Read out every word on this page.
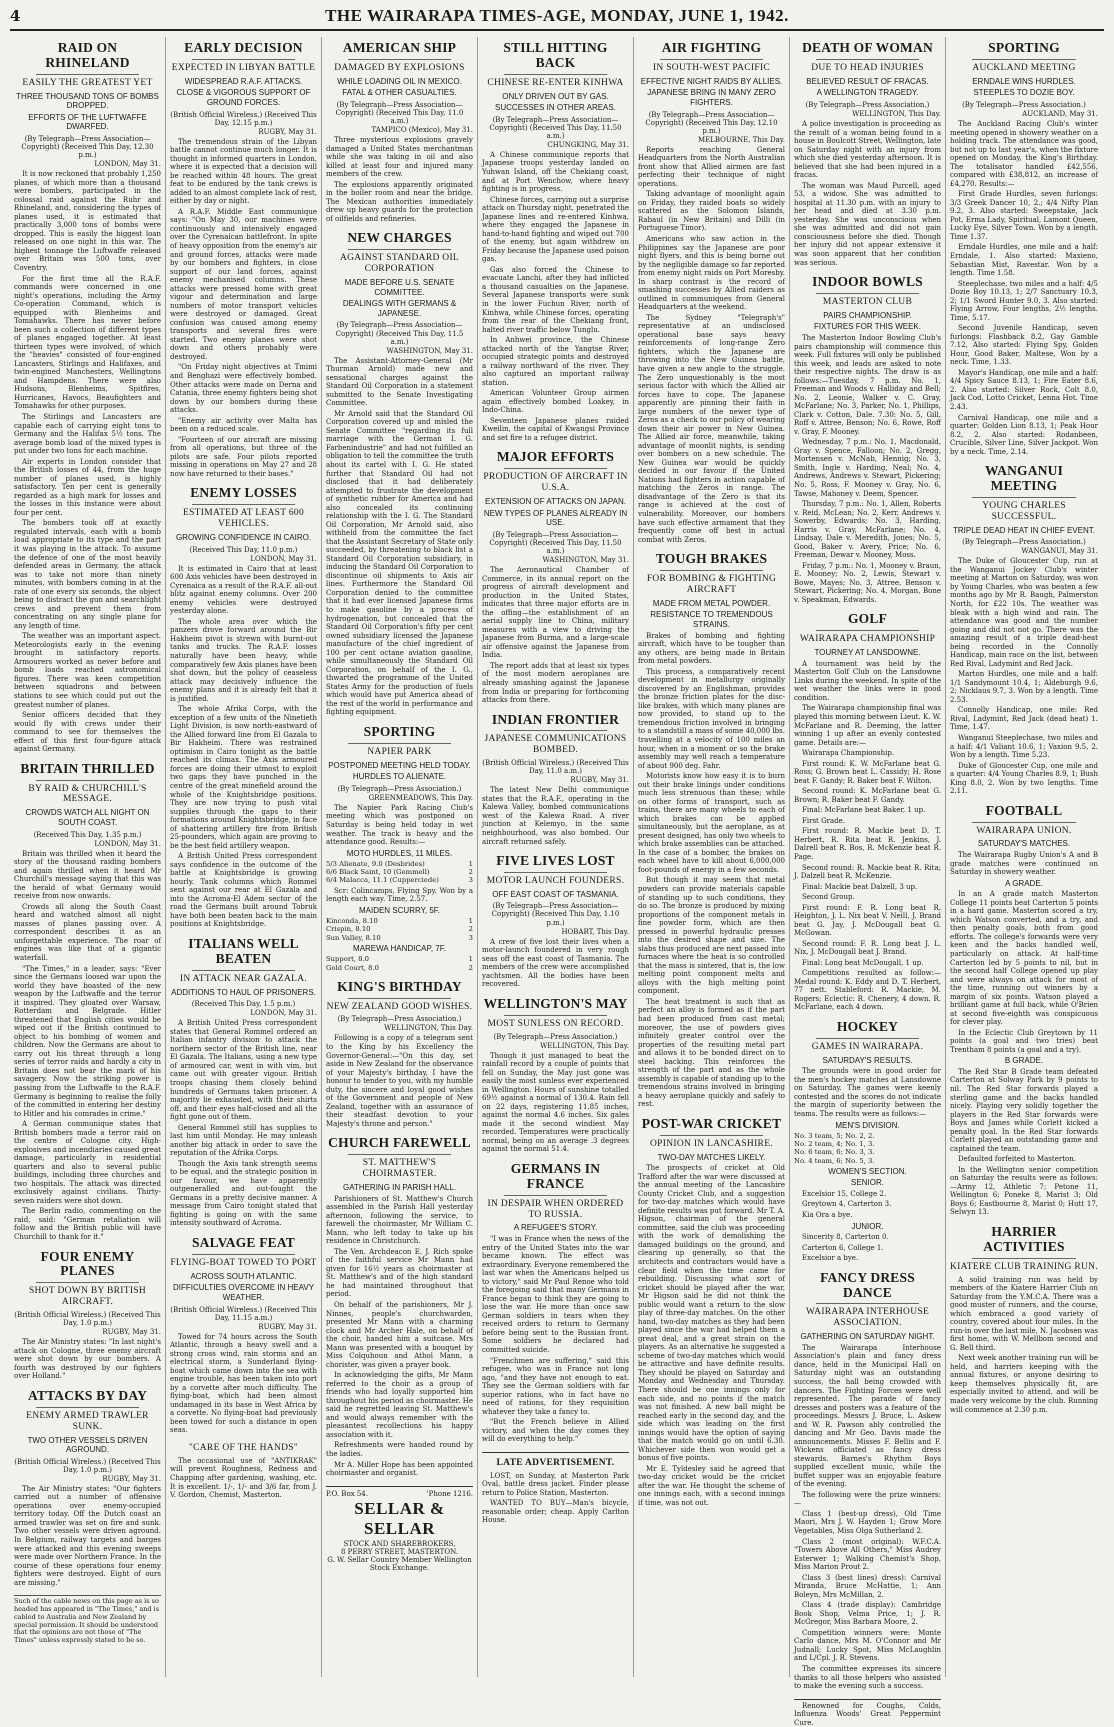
4	THE WAIRARAPA TIMES-AGE, MONDAY, JUNE 1, 1942.
RAID ON RHINELAND
EASILY THE GREATEST YET
THREE THOUSAND TONS OF BOMBS DROPPED.
EFFORTS OF THE LUFTWAFFE DWARFED.
(By Telegraph—Press Association—Copyright) (Received This Day, 12.30 p.m.)
LONDON, May 31.

It is now reckoned that probably 1,250 planes, of which more than a thousand were bombers, participated in the colossal raid against the Ruhr and Rhineland, and, considering the types of planes used, it is estimated that practically 3,000 tons of bombs were dropped. This is easily the biggest loan released on one night in this war. The highest tonnage the Luftwaffe released over Britain was 500 tons, over Coventry.

For the first time all the R.A.F. commands were concerned in one night's operations, including the Army Co-operation Command, which is equipped with Blenheims and Tomahawks. There has never before been such a collection of different types of planes engaged together. At least thirteen types were involved, of which the "heavies" consisted of four-engined Lancasters, Stirlings and Halifaxes, and twin-engined Manchesters, Wellingtons and Hampdens. There were also Hudsons, Blenheims, Spitfires, Hurricanes, Havocs, Beaufighters and Tomahawks for other purposes.

The Stirlings and Lancasters are capable each of carrying eight tons to Germany and the Halifax 5½ tons. The average bomb load of the mixed types is put under two tons for each machine.

Air experts in London consider that the British losses of 44, from the huge number of planes used, is highly satisfactory. Ten per cent is generally regarded as a high mark for losses and the losses in this instance were about four per cent.

The bombers took off at exactly regulated intervals, each with a bomb load appropriate to its type and the part it was playing in the attack. To assume the defence of one of the most heavily defended areas in Germany, the attack was to take not more than ninety minutes, with bombers coming in at the rate of one every six seconds, the object being to distract the gun and searchlight crews and prevent them from concentrating on any single plane for any length of time.

The weather was an important aspect. Meteorologists early in the evening brought in satisfactory reports. Armourers worked as never before and bomb loads reached astronomical figures. There was keen competition between squadrons and between stations to see which could put out the greatest number of planes.

Senior officers decided that they would fly with crews under their command to see for themselves the effect of this first four-figure attack against Germany.

BRITAIN THRILLED
BY RAID & CHURCHILL'S MESSAGE.
CROWDS WATCH ALL NIGHT ON SOUTH COAST.
(Received This Day, 1.35 p.m.)
LONDON, May 31.

Britain was thrilled when it heard the story of the thousand raiding bombers and again thrilled when it heard Mr Churchill's message saying that this was the herald of what Germany would receive from now onwards.

Crowds all along the South Coast heard and watched almost all night masses of planes passing over. A correspondent describes it as an unforgettable experience. The roar of engines was like that of a gigantic waterfall.

"The Times," in a leader, says: "Ever since the Germans loosed war upon the world they have boasted of the new weapon by the Luftwaffe and the terror it inspired. They gloated over Warsaw, Rotterdam and Belgrade. Hitler threatened that English cities would be wiped out if the British continued to object to his bombing of women and children. Now the Germans are about to carry out his threat through a long series of terror raids and hardly a city in Britain does not bear the mark of his savagery. Now the striking power is passing from the Luftwaffe to the R.A.F. Germany is beginning to realise the folly of the committed in entering her destiny to Hitler and his comrades in crime."

A German communique states that British bombers made a terror raid on the centre of Cologne city. High-explosives and incendiaries caused great damage, particularly in residential quarters and also to several public buildings, including three churches and two hospitals. The attack was directed exclusively against civilians. Thirty-seven raiders were shot down.

The Berlin radio, commenting on the raid, said: "German retaliation will follow and the British public will have Churchill to thank for it."

FOUR ENEMY PLANES
SHOT DOWN BY BRITISH AIRCRAFT.
(British Official Wireless.) (Received This Day, 1.0 p.m.)
RUGBY, May 31.

The Air Ministry states: "In last night's attack on Cologne, three enemy aircraft were shot down by our bombers. A fourth was destroyed by our fighters over Holland."

ATTACKS BY DAY
ENEMY ARMED TRAWLER SUNK.
TWO OTHER VESSELS DRIVEN AGROUND.
(British Official Wireless.) (Received This Day, 1.0 p.m.)
RUGBY, May 31.

The Air Ministry states: "Our fighters carried out a number of offensive operations over enemy-occupied territory today. Off the Dutch coast an armed trawler was set on fire and sunk. Two other vessels were driven aground. In Belgium, railway targets and barges were attacked and this evening sweeps were made over Northern France. In the course of these operations four enemy fighters were destroyed. Eight of ours are missing."

Such of the cable news on this page as is so headed has appeared in "The Times," and is cabled to Australia and New Zealand by special permission. It should be understood that the opinions are not those of "The Times" unless expressly stated to be so.
EARLY DECISION
EXPECTED IN LIBYAN BATTLE
WIDESPREAD R.A.F. ATTACKS.
CLOSE & VIGOROUS SUPPORT OF GROUND FORCES.
(British Official Wireless.) (Received This Day, 12.15 p.m.)
RUGBY, May 31.

The tremendous strain of the Libyan battle cannot continue much longer. It is thought in informed quarters in London, where it is expected that a decision will be reached within 48 hours. The great feat to be endured by the tank crews is added to an almost complete lack of rest, either by day or night.

A R.A.F. Middle East communique says: "On May 30, our machines were continuously and intensively engaged over the Cyrenaican battlefront. In spite of heavy opposition from the enemy's air and ground forces, attacks were made by our bombers and fighters, in close support of our land forces, against enemy mechanised columns. These attacks were pressed home with great vigour and determination and large numbers of motor transport vehicles were destroyed or damaged. Great confusion was caused among enemy transports and several fires were started. Two enemy planes were shot down and others probably were destroyed.

"On Friday night objectives at Tmimi and Benghazi were effectively bombed. Other attacks were made on Derna and Catania, three enemy fighters being shot down by our bombers during these attacks.

"Enemy air activity over Malta has been on a reduced scale.

"Fourteen of our aircraft are missing from all operations, but three of the pilots are safe. Four pilots reported missing in operations on May 27 and 28 now have returned to their bases."

ENEMY LOSSES
ESTIMATED AT LEAST 600 VEHICLES.
GROWING CONFIDENCE IN CAIRO.
(Received This Day, 11.0 p.m.)
LONDON, May 31.

It is estimated in Cairo that at least 600 Axis vehicles have been destroyed in Cyrenaica as a result of the R.A.F. all-out blitz against enemy columns. Over 200 enemy vehicles were destroyed yesterday alone.

The whole area over which the panzers drove forward around the Bir Hakheim pivot is strewn with burnt-out tanks and trucks. The R.A.F. losses naturally have been heavy, while comparatively few Axis planes have been shot down, but the policy of ceaseless attack may decisively influence the enemy plans and it is already felt that it is justified.

The whole Afrika Corps, with the exception of a few units of the Ninetieth Light Division, is now north-eastward of the Allied forward line from El Gazala to Bir Hakheim. There was restrained optimism in Cairo tonight as the battle reached its climax. The Axis armoured forces are doing their utmost to exploit two gaps they have punched in the centre of the great minefield around the whole of the Knightsbridge positions. They are now trying to push vital supplies through the gaps to their formations around Knightsbridge, in face of shattering artillery fire from British 25-pounders, which again are proving to be the best field artillery weapon.

A British United Press correspondent says confidence in the outcome of the battle at Knightsbridge is growing hourly. Tank columns which Rommel sent against our rear at El Gazala and into the Acroma-El Adem sector of the road the Germans built around Tobruk have both been beaten back to the main positions at Knightsbridge.

ITALIANS WELL BEATEN
IN ATTACK NEAR GAZALA.
ADDITIONS TO HAUL OF PRISONERS.
(Received This Day, 1.5 p.m.)
LONDON, May 31.

A British United Press correspondent states that General Rommel ordered an Italian infantry division to attack the northern sector of the British line, near El Gazala. The Italians, using a new type of armoured car, went in with vim, but came out with greater vigour. British troops chasing them closely behind hundreds of Germans taken prisoner. A majority lie exhausted, with their shirts off, and their eyes half-closed and all the fight gone out of them.

General Rommel still has supplies to last him until Monday. He may unleash another big attack in order to save the reputation of the Afrika Corps.

Though the Axis tank strength seems to be equal, and the strategic position in our favour, we have apparently outgeneralled and out-fought the Germans in a pretty decisive manner. A message from Cairo tonight stated that fighting is going on with the same intensity southward of Acroma.

SALVAGE FEAT
FLYING-BOAT TOWED TO PORT
ACROSS SOUTH ATLANTIC.
DIFFICULTIES OVERCOME IN HEAVY WEATHER.
(British Official Wireless.) (Received This Day, 11.15 a.m.)
RUGBY, May 31.

Towed for 74 hours across the South Atlantic, through a heavy swell and a strong cross wind, rain storms and an electrical storm, a Sunderland flying-boat which came down into the sea with engine trouble, has been taken into port by a corvette after much difficulty. The flying-boat, which had been almost undamaged in its base in West Africa by a corvette. No flying-boat had previously been towed for such a distance in open seas.

"CARE OF THE HANDS"

The occasional use of "ANTIKRAK" will prevent Roughness, Redness and Chapping after gardening, washing, etc. It is excellent. 1/-, 1/- and 3/6 far, from J. V. Gordon, Chemist, Masterton.

AMERICAN SHIP
DAMAGED BY EXPLOSIONS
WHILE LOADING OIL IN MEXICO.
FATAL & OTHER CASUALTIES.
(By Telegraph—Press Association—Copyright) (Received This Day, 11.0 a.m.)
TAMPICO (Mexico), May 31.

Three mysterious explosions gravely damaged a United States merchantman while she was taking in oil and also killed at least four and injured many members of the crew.

The explosions apparently originated in the boiler room and near the bridge. The Mexican authorities immediately drew up heavy guards for the protection of oilfields and refineries.

NEW CHARGES
AGAINST STANDARD OIL CORPORATION
MADE BEFORE U.S. SENATE COMMITTEE.
DEALINGS WITH GERMANS & JAPANESE.
(By Telegraph—Press Association—Copyright) (Received This Day, 11.5 a.m.)
WASHINGTON, May 31.

The Assistant-Attorney-General (Mr Thurman Arnold) made new and sensational charges against the Standard Oil Corporation in a statement submitted to the Senate Investigating Committee.

Mr Arnold said that the Standard Oil Corporation covered up and misled the Senate Committee "regarding its full marriage with the German I. G. Farbenindustrie" and had not fulfilled an obligation to tell the committee the truth about its cartel with I. G. He stated further that Standard Oil had not disclosed that it had deliberately attempted to frustrate the development of synthetic rubber for America and had also concealed its continuing relationship with the I. G. The Standard Oil Corporation, Mr Arnold said, also withheld from the committee the fact that the Assistant Secretary of State only succeeded, by threatening to black list a Standard Oil Corporation subsidiary, in inducing the Standard Oil Corporation to discontinue oil shipments to Axis air lines. Furthermore the Standard Oil Corporation denied to the committee that it had ever licensed Japanese firms to make gasoline by a process of hydrogenation, but concealed that the Standard Oil Corporation's fifty per cent owned subsidiary licensed the Japanese manufacture of the chief ingredient of 100 per cent octane aviation gasoline, while simultaneously the Standard Oil Corporation, on behalf of the I. G., thwarted the programme of the United States Army for the production of fuels which would have put America ahead of the rest of the world in performance and fighting equipment.

SPORTING
NAPIER PARK
POSTPONED MEETING HELD TODAY.
HURDLES TO ALIENATE.
(By Telegraph—Press Association.)
GREENMEADOWS, This Day.

The Napier Park Racing Club's meeting which was postponed on Saturday is being held today in wet weather. The track is heavy and the attendance good. Results:—

MOTO HURDLES, 11 MILES.
5/3 Alienate, 9.0 (Desbrides)	1
6/6 Black Saint, 10 (Gemmell)	2
6/4 Malacca, 11.1 (Cupperciede)	3

Scr: Colincamps, Flying Spy. Won by a length each way. Time, 2.57.

MAIDEN SCURRY, 5F.
Kinconda, 8.10	1
Crispin, 8.10	2
Sun Valley, 8.10	3
MAREWA HANDICAP, 7F.
Support, 8.0	1
Gold Court, 8.0	2
KING'S BIRTHDAY
NEW ZEALAND GOOD WISHES.
(By Telegraph—Press Association.)
WELLINGTON, This Day.

Following is a copy of a telegram sent to the King by his Excellency the Governor-General:—"On this day, set aside in New Zealand for the observance of your Majesty's birthday, I have the honour to tender to you, with my humble duty, the sincere and loyal good wishes of the Government and people of New Zealand, together with an assurance of their steadfast devotion to your Majesty's throne and person."

CHURCH FAREWELL
ST. MATTHEW'S CHOIRMASTER.
GATHERING IN PARISH HALL.

Parishioners of St. Matthew's Church assembled in the Parish Hall yesterday afternoon, following the service, to farewell the choirmaster, Mr William C. Mann, who left today to take up his residence in Christchurch.

The Ven. Archdeacon E. J. Rich spoke of the faithful service Mr Mann had given for 16½ years as choirmaster at St. Matthew's and of the high standard he had maintained throughout that period.

On behalf of the parishioners, Mr J. Ninnes, people's churchwarden, presented Mr Mann with a charming clock and Mr Archer Hale, on behalf of the choir, handed him a suitcase. Mrs Mann was presented with a bouquet by Miss Colquhoun and Athol Mann, a chorister, was given a prayer book.

In acknowledging the gifts, Mr Mann referred to the choir as a group of friends who had loyally supported him throughout his period as choirmaster. He said he regretted leaving St. Matthew's and would always remember with the pleasantest recollections his happy association with it.

Refreshments were handed round by the ladies.

Mr A. Miller Hope has been appointed choirmaster and organist.

P.O. Box 54.	'Phone 1216.
SELLAR & SELLAR
STOCK AND SHAREBROKERS,
8 PERRY STREET, MASTERTON.
G. W. Sellar Country Member Wellington Stock Exchange.
STILL HITTING BACK
CHINESE RE-ENTER KINHWA
ONLY DRIVEN OUT BY GAS.
SUCCESSES IN OTHER AREAS.
(By Telegraph—Press Association—Copyright) (Received This Day, 11.50 a.m.)
CHUNGKING, May 31.

A Chinese communique reports that Japanese troops yesterday landed on Yuhwan Island, off the Chekiang coast, and at Port Wenchow, where heavy fighting is in progress.

Chinese forces, carrying out a surprise attack on Thursday night, penetrated the Japanese lines and re-entered Kinhwa, where they engaged the Japanese in hand-to-hand fighting and wiped out 700 of the enemy, but again withdrew on Friday because the Japanese used poison gas.

Gas also forced the Chinese to evacuate Lanchi, after they had inflicted a thousand casualties on the Japanese. Several Japanese transports were sunk in the lower Fuchun River, north of Kinhwa, while Chinese forces, operating from the rear of the Chekiang front, halted river traffic below Tunglu.

In Anhwei province, the Chinese attacked north of the Yangtse River, occupied strategic points and destroyed a railway northward of the river. They also captured an important railway station.

American Volunteer Group airmen again effectively bombed Loakey, in Indo-China.

Seventeen Japanese planes raided Kweilin, the capital of Kwangsi Province and set fire to a refugee district.

MAJOR EFFORTS
PRODUCTION OF AIRCRAFT IN U.S.A.
EXTENSION OF ATTACKS ON JAPAN.
NEW TYPES OF PLANES ALREADY IN USE.
(By Telegraph—Press Association—Copyright) (Received This Day, 11.50 a.m.)
WASHINGTON, May 31.

The Aeronautical Chamber of Commerce, in its annual report on the progress of aircraft development and production in the United States, indicates that three major efforts are in the offing—the establishment of an aerial supply line to China, military measures with a view to driving the Japanese from Burma, and a large-scale air offensive against the Japanese from India.

The report adds that at least six types of the most modern aeroplanes are already smashing against the Japanese from India or preparing for forthcoming attacks from there.

INDIAN FRONTIER
JAPANESE COMMUNICATIONS BOMBED.
(British Official Wireless.) (Received This Day, 11.0 a.m.)
RUGBY, May 31.

The latest New Delhi communique states that the R.A.F., operating in the Kalewa Valley, bombed communications west of the Kalewa Road. A river junction at Kelemyo, in the same neighbourhood, was also bombed. Our aircraft returned safely.

FIVE LIVES LOST
MOTOR LAUNCH FOUNDERS.
OFF EAST COAST OF TASMANIA.
(By Telegraph—Press Association—Copyright) (Received This Day, 1.10 p.m.)
HOBART, This Day.

A crew of five lost their lives when a motor-launch foundered in very rough seas off the east coast of Tasmania. The members of the crew were accomplished yachtsmen. All the bodies have been recovered.

WELLINGTON'S MAY
MOST SUNLESS ON RECORD.
(By Telegraph—Press Association.)
WELLINGTON, This Day.

Though it just managed to beat the rainfall record by a couple of points that fell on Sunday, the May just gone was easily the most sunless ever experienced in Wellington. Hours of sunshine totalled 69½ against a normal of 130.4. Rain fell on 22 days, registering 11.85 inches, against the normal 4.6 inches. Six gales made it the second windiest May recorded. Temperatures were practically normal, being on an average .3 degrees against the normal 51.4.

GERMANS IN FRANCE
IN DESPAIR WHEN ORDERED TO RUSSIA.
A REFUGEE'S STORY.

"I was in France when the news of the entry of the United States into the war became known. The effect was extraordinary. Everyone remembered the last war when the Americans helped us to victory," said Mr Paul Renoe who told the foregoing said that many Germans in France began to think they are going to lose the war. He more than once saw German soldiers in tears when they received orders to return to Germany before being sent to the Russian front. Some soldiers he declared had committed suicide.

"Frenchmen are suffering," said this refugee, who was in France not long ago, "and they have not enough to eat. They see the German soldiers with far superior rations, who in fact have no need of rations, for they requisition whatever they take a fancy to.

"But the French believe in Allied victory, and when the day comes they will do everything to help."

LATE ADVERTISEMENT.

LOST, on Sunday, at Masterton Park Oval, battle dress jacket. Finder please return to Police Station, Masterton.

WANTED TO BUY—Man's bicycle, reasonable order; cheap. Apply Carlton House.

AIR FIGHTING
IN SOUTH-WEST PACIFIC
EFFECTIVE NIGHT RAIDS BY ALLIES.
JAPANESE BRING IN MANY ZERO FIGHTERS.
(By Telegraph—Press Association—Copyright) (Received This Day, 12.10 p.m.)
MELBOURNE, This Day.

Reports reaching General Headquarters from the North Australian front show that Allied airmen are fast perfecting their technique of night operations.

Taking advantage of moonlight again on Friday, they raided boats so widely scattered as the Solomon Islands, Rabaul (in New Britain) and Dilli (in Portuguese Timor).

Americans who saw action in the Philippines say the Japanese are poor night flyers, and this is being borne out by the negligible damage so far reported from enemy night raids on Port Moresby. In sharp contrast is the record of smashing successes by Allied raiders as outlined in communiques from General Headquarters at the weekend.

The Sydney "Telegraph's" representative at an undisclosed operational base says heavy reinforcements of long-range Zero fighters, which the Japanese are throwing into the New Guinea battle, have given a new angle to the struggle. The Zero unquestionably is the most serious factor with which the Allied air forces have to cope. The Japanese apparently are pinning their faith in large numbers of the newer type of Zeros as a check to our policy of wearing down their air power in New Guinea. The Allied air force, meanwhile, taking advantage of moonlit nights, is sending over bombers on a new schedule. The New Guinea war would be quickly decided in our favour if the United Nations had fighters in action capable of matching the Zeros in range. The disadvantage of the Zero is that its range is achieved at the cost of vulnerability. Moreover, our bombers have such effective armament that they frequently come off best in actual combat with Zeros.

TOUGH BRAKES
FOR BOMBING & FIGHTING AIRCRAFT
MADE FROM METAL POWDER.
RESISTANCE TO TREMENDOUS STRAINS.

Brakes of bombing and fighting aircraft, which have to be tougher than any others, are being made in Britain from metal powders.

This process, a comparatively recent development in metallurgy originally discovered by an Englishman, provides the bronze friction plates for the disc-like brakes, with which many planes are now provided, to stand up to the tremendous friction involved in bringing to a standstill a mass of some 40,000 lbs. travelling at a velocity of 100 miles an hour, when in a moment or so the brake assembly may well reach a temperature of about 900 deg. Fahr.

Motorists know how easy it is to burn out their brake linings under conditions much less strenuous than these; while on other forms of transport, such as trains, there are many wheels to each of which brakes can be applied simultaneously, but the aeroplane, as at present designed, has only two wheels to which brake assemblies can be attached. In the case of a bomber, the brakes on each wheel have to kill about 6,000,000 foot-pounds of energy in a few seconds.

But though it may seem that metal powders can provide materials capable of standing up to such conditions, they do so. The bronze is produced by mixing proportions of the component metals in fine powder form, which are then pressed in powerful hydraulic presses into the desired shape and size. The slabs thus produced are next passed into furnaces where the heat is so controlled that the mass is sintered, that is, the low melting point component melts and alloys with the high melting point component.

The heat treatment is such that as perfect an alloy is formed as if the part had been produced from cast metal; moreover, the use of powders gives infinitely greater control over the properties of the resulting metal part and allows it to be bonded direct on to steel backing. This reinforces the strength of the part and as the whole assembly is capable of standing up to the tremendous strains involved in bringing a heavy aeroplane quickly and safely to rest.

POST-WAR CRICKET
OPINION IN LANCASHIRE.
TWO-DAY MATCHES LIKELY.

The prospects of cricket at Old Trafford after the war were discussed at the annual meeting of the Lancashire County Cricket Club, and a suggestion for two-day matches which would have definite results was put forward. Mr T. A. Higson, chairman of the general committee, said the club was proceeding with the work of demolishing the damaged buildings on the ground, and clearing up generally, so that the architects and contractors would have a clear field when the time came for rebuilding. Discussing what sort of cricket should be played after the war, Mr Higson said he did not think the public would want a return to the slow play of three-day matches. On the other hand, two-day matches as they had been played since the war had helped them a great deal, and a great strain on the players. As an alternative he suggested a scheme of two-day matches which would be attractive and have definite results. They should be played on Saturday and Monday and Wednesday and Thursday. There should be one innings only for each side, and no points if the match was not finished. A new ball might be reached early in the second day, and the side which was leading on the first innings would have the option of saying that the match would go on until 6.30. Whichever side then won would get a bonus of five points.

Mr E. Tyldesley said he agreed that two-day cricket would be the cricket after the war. He thought the scheme of one innings each, with a second innings if time, was not out.

DEATH OF WOMAN
DUE TO HEAD INJURIES
BELIEVED RESULT OF FRACAS.
A WELLINGTON TRAGEDY.
(By Telegraph—Press Association.)
WELLINGTON, This Day.

A police investigation is proceeding as the result of a woman being found in a house in Boulcott Street, Wellington, late on Saturday night with an injury from which she died yesterday afternoon. It is believed that she had been injured in a fracas.

The woman was Maud Purcell, aged 53, a widow. She was admitted to hospital at 11.30 p.m. with an injury to her head and died at 3.30 p.m. yesterday. She was unconscious when she was admitted and did not gain consciousness before she died. Though her injury did not appear extensive it was soon apparent that her condition was serious.

INDOOR BOWLS
MASTERTON CLUB
PAIRS CHAMPIONSHIP.
FIXTURES FOR THIS WEEK.

The Masterton Indoor Bowling Club's pairs championship will commence this week. Full fixtures will only be published this week, and leads are asked to note their respective nights. The draw is as follows:—Tuesday, 7 p.m. No. 1, Freeman and Woods v. Halliday and Bell; No. 2, Leonie, Walker v. C. Gray, McFarlane; No. 3, Parker, No. 1, Phillips, Clark v. Cotton, Dale. 7.30: No. 5, Gill, Roff v. Attree, Benson; No. 6, Rowe, Roff v. Gray, F. Mooney.

Wednesday, 7 p.m.: No. 1, Macdonald, Gray v. Spence, Falloon; No. 2, Gregg, Mortensen v. McNab, Hennig; No. 3, Smith, Ingle v. Harding, Neal; No. 4, Andrews, Andrews v. Stewart, Pickering; No. 5, Ross, F. Mooney v. Gray, No. 6, Tawse, Mahoney v. Deem, Spencer.

Thursday, 7 p.m.: No. 1, Allen, Roberts v. Reid, McLean; No. 2, Kerr, Andrews v. Sowerby, Edwards; No. 3, Harding, Harris v. Gray, McFarlane; No. 4, Lindsay, Dale v. Meredith, Jones; No. 5, Good, Baker v. Avery, Price; No. 6, Freeman, Dewar v. Mooney, Moss.

Friday, 7 p.m.: No. 1, Mooney v. Braun, E. Mooney; No. 2, Lewis, Stewart v. Bowe, Mayes; No. 3, Attree, Benson v. Stewart, Pickering; No. 4, Morgan, Bone v. Speakman, Edwards.

GOLF
WAIRARAPA CHAMPIONSHIP
TOURNEY AT LANSDOWNE.

A tournament was held by the Masterton Golf Club on the Lansdowne Links during the weekend. In spite of the wet weather the links were in good condition.

The Wairarapa championship final was played this morning between Lieut. K. W. McFarlane and R. Deeming, the latter winning 1 up after an evenly contested game. Details are:—

Wairarapa Championship.

First round: K. W. McFarlane beat G. Ross; G. Brown beat L. Cassidy; H. Rose beat F. Gandy; R. Baker beat F. Wilton.

Second round: K. McFarlane beat G. Brown; R. Baker beat F. Gandy.

Final: McFarlane beat Baker, 1 up.

First Grade.

First round: R. Mackie beat D. T. Herbert, R. Rita beat R. Jenkins, J. Dalrell beat R. Bos, R. McKenzie beat R. Page.

Second round: R. Mackie beat R. Rita; J. Dalzell beat R. McKenzie.

Final: Mackie beat Dalzell, 3 up.

Second Group.

First round: F. R. Long beat R. Heighton, J. L. Nix beat V. Neill, J. Brand beat G. Jay, J. McDougall beat G. McGowan.

Second round: F. R. Long beat J. L. Nix, J. McDougall beat J. Brand.

Final: Long beat McDougall, 1 up.

Competitions resulted as follow:—Medal round: K. Eddy and D. T. Herbert, 77 nett. Stableford: R. Mackie, M. Rogers; Eclectic: R. Chenery, 4 down. R. McFarlane, each 4 down.

HOCKEY
GAMES IN WAIRARAPA.
SATURDAY'S RESULTS.

The grounds were in good order for the men's hockey matches at Lansdowne on Saturday. The games were keenly contested and the scores do not indicate the margin of superiority between the teams. The results were as follows:—

MEN'S DIVISION.
No. 3 team, 5; No. 2, 2.	
No. 2 team, 4; No. 1, 3.	
No. 6 team, 6; No. 3, 3.	
No. 4 team, 6; No. 5, 3.	
WOMEN'S SECTION.
SENIOR.

Excelsior 15, College 2.

Greytown 4, Carterton 3.

Kia Ora a bye.

JUNIOR.

Sincerity 8, Carterton 0.

Carterton 6, College 1.

Excelsior a bye.

FANCY DRESS DANCE
WAIRARAPA INTERHOUSE ASSOCIATION.
GATHERING ON SATURDAY NIGHT.

The Wairarapa Interhouse Association's plain and fancy dress dance, held in the Municipal Hall on Saturday night was an outstanding success, the hall being crowded with dancers. The Fighting Forces were well represented. The parade of fancy dresses and posters was a feature of the proceedings. Messrs J. Bruce, L. Askew and W. R. Pawson ably controlled the dancing and Mr Geo. Davis made the announcements. Misses F. Bellis and F. Wickens officiated as fancy dress stewards. Barnes's Rhythm Boys supplied excellent music, while the buffet supper was an enjoyable feature of the evening.

The following were the prize winners:—

Class 1 (best-up dress), Old Time Maori, Mrs J. W. Hayden 1; Grow More Vegetables, Miss Olga Sutherland 2.

Class 2 (most original): W.F.C.A. "Towers Above All Others," Miss Audrey Esterwer 1; Walking Chemist's Shop, Miss Marion Prout 2.

Class 3 (best lines) dress): Carnival Miranda, Bruce McHattie, 1; Ann Boleyn, Mrs McMillan, 2.

Class 4 (trade display): Cambridge Book Shop, Velma Price, 1; J. R. McGregor, Miss Barbara Moore, 2.

Competition winners were: Monte Carlo dance, Mrs M. O'Connor and Mr Judnall; Lucky Spot, Miss McLaughlin and L/Cpl. J. R. Stevens.

The committee expresses its sincere thanks to all those helpers who assisted to make the evening such a success.

Renowned for Coughs, Colds, Influenza Woods' Great Peppermint Cure.

SPORTING
AUCKLAND MEETING
ERNDALE WINS HURDLES.
STEEPLES TO DOZIE BOY.
(By Telegraph—Press Association.)
AUCKLAND, May 31.

The Auckland Racing Club's winter meeting opened in showery weather on a holding track. The attendance was good, but not up to last year's, when the fixture opened on Monday, the King's Birthday. The totalisator handled £42,556, compared with £38,812, an increase of £4,270. Results:—

First Grade Hurdles, seven furlongs: 3/3 Greek Dancer 10, 2.; 4/4 Nifty Plan 9.2, 3. Also started: Sweepstake, Jack Pot, Erma Lady, Spiritual, Lamont Queen, Lucky Eye, Silver Town. Won by a length. Time 1.37.

Erndale Hurdles, one mile and a half: Erndale, 1. Also started: Maxieno, Sebastian Mist, Ravestar. Won by a length. Time 1.58.

Steeplechase, two miles and a half: 4/5 Dozie Boy 10.13, 1; 2/7 Sanctuary 10.3, 2; 1/1 Sword Hunter 9.0, 3. Also started: Flying Arrow, Four lengths, 2½ lengths. Time, 5.17.

Second Juvenile Handicap, seven furlongs: Flashback 8.2, Gay Gamble 7.12, Also started: Flying Spy, Golden Hour, Good Baker, Maltese, Won by a neck. Time, 1.33.

Mayor's Handicap, one mile and a half: 4/4 Spicy Sauce 8.13, 1; Fire Eater 8.6, 2. Also started: Silver Rock, Colt 8.0, Jack Cod, Lotto Cricket, Lenna Hot. Time 2.43.

Carnival Handicap, one mile and a quarter: Golden Lion 8.13, 1; Peak Hour 8.2, 2. Also started: Rodanbeen, Crucible, Silver Line, Silver Jackpot. Won by a neck. Time, 2.14.

WANGANUI MEETING
YOUNG CHARLES SUCCESSFUL.
TRIPLE DEAD HEAT IN CHIEF EVENT.
(By Telegraph—Press Association.)
WANGANUI, May 31.

The Duke of Gloucester Cup, run at the Wanganui Jockey Club's winter meeting at Marton on Saturday, was won by Young Charles, who was beaten a few months ago by Mr R. Baugh, Palmerston North, for £22 10s. The weather was bleak with a high wind and rain. The attendance was good and the number going and did not not go. There was the amazing result of a triple dead-heat being recorded in the Connolly Handicap, main race on the list, between Red Rival, Ladymint and Red Jack.

Marton Hurdles, one mile and a half: 1/1 Sandymount 10.4, 1; Aldeburgh 9.6, 2; Nicklaus 9.7, 3. Won by a length. Time 2.53.

Connolly Handicap, one mile: Red Rival, Ladymint, Red Jack (dead heat) 1. Time, 1.47.

Wanganui Steeplechase, two miles and a half: 4/1 Valiant 10.6, 1; Vaxion 9.5, 2. Won by a length. Time 5.23.

Duke of Gloucester Cup, one mile and a quarter: 4/4 Young Charles 8.9, 1; Bush King 8.0, 2. Won by two lengths. Time 2.11.

FOOTBALL
WAIRARAPA UNION.
SATURDAY'S MATCHES.

The Wairarapa Rugby Union's A and B grade matches were continued on Saturday in showery weather.

A GRADE.

In an A grade match Masterton College 11 points beat Carterton 5 points in a hard game. Masterton scored a try, which Watson converted, and a try, and then penalty goals, both from good efforts. The college's forwards were very keen and the backs handled well, particularly on attack. At half-time Carterton led by 5 points to nil, but in the second half College opened up play and were always on attack for most of the time, running out winners by a margin of six points. Watson played a brilliant game at full back, while O'Brien at second five-eighth was conspicuous for clever play.

In the Eclectic Club Greytown by 11 points (a goal and two tries) beat Trentham 8 points (a goal and a try).

B GRADE.

The Red Star B Grade team defeated Carterton at Solway Park by 9 points to nil. The Red Star forwards played a sterling game and the backs handled nicely. Playing very solidly together the players in the Red Star forwards were Boys and James while Corlett kicked a penalty goal. In the Red Star forwards Corlett played an outstanding game and captained the team.

Defaulted forfeited to Masterton.

In the Wellington senior competition on Saturday the results were as follows:—Army 12, Athletic 7; Petone 11, Wellington 6; Poneke 8, Marist 3; Old Boys 6; Eastbourne 8, Marist 0; Hutt 17, Selwyn 13.

HARRIER ACTIVITIES
KIATERE CLUB TRAINING RUN.

A solid training run was held by members of the Kiatere Harrier Club on Saturday from the Y.M.C.A. There was a good muster of runners, and the course, which embraced a good variety of country, covered about four miles. In the run-in over the last mile, N. Jacobsen was first home, with W. Mellbom second and G. Bell third.

Next week another training run will be held, and harriers keeping with the annual fixtures, or anyone desiring to keep themselves physically fit, are especially invited to attend, and will be made very welcome by the club. Running will commence at 2.30 p.m.
